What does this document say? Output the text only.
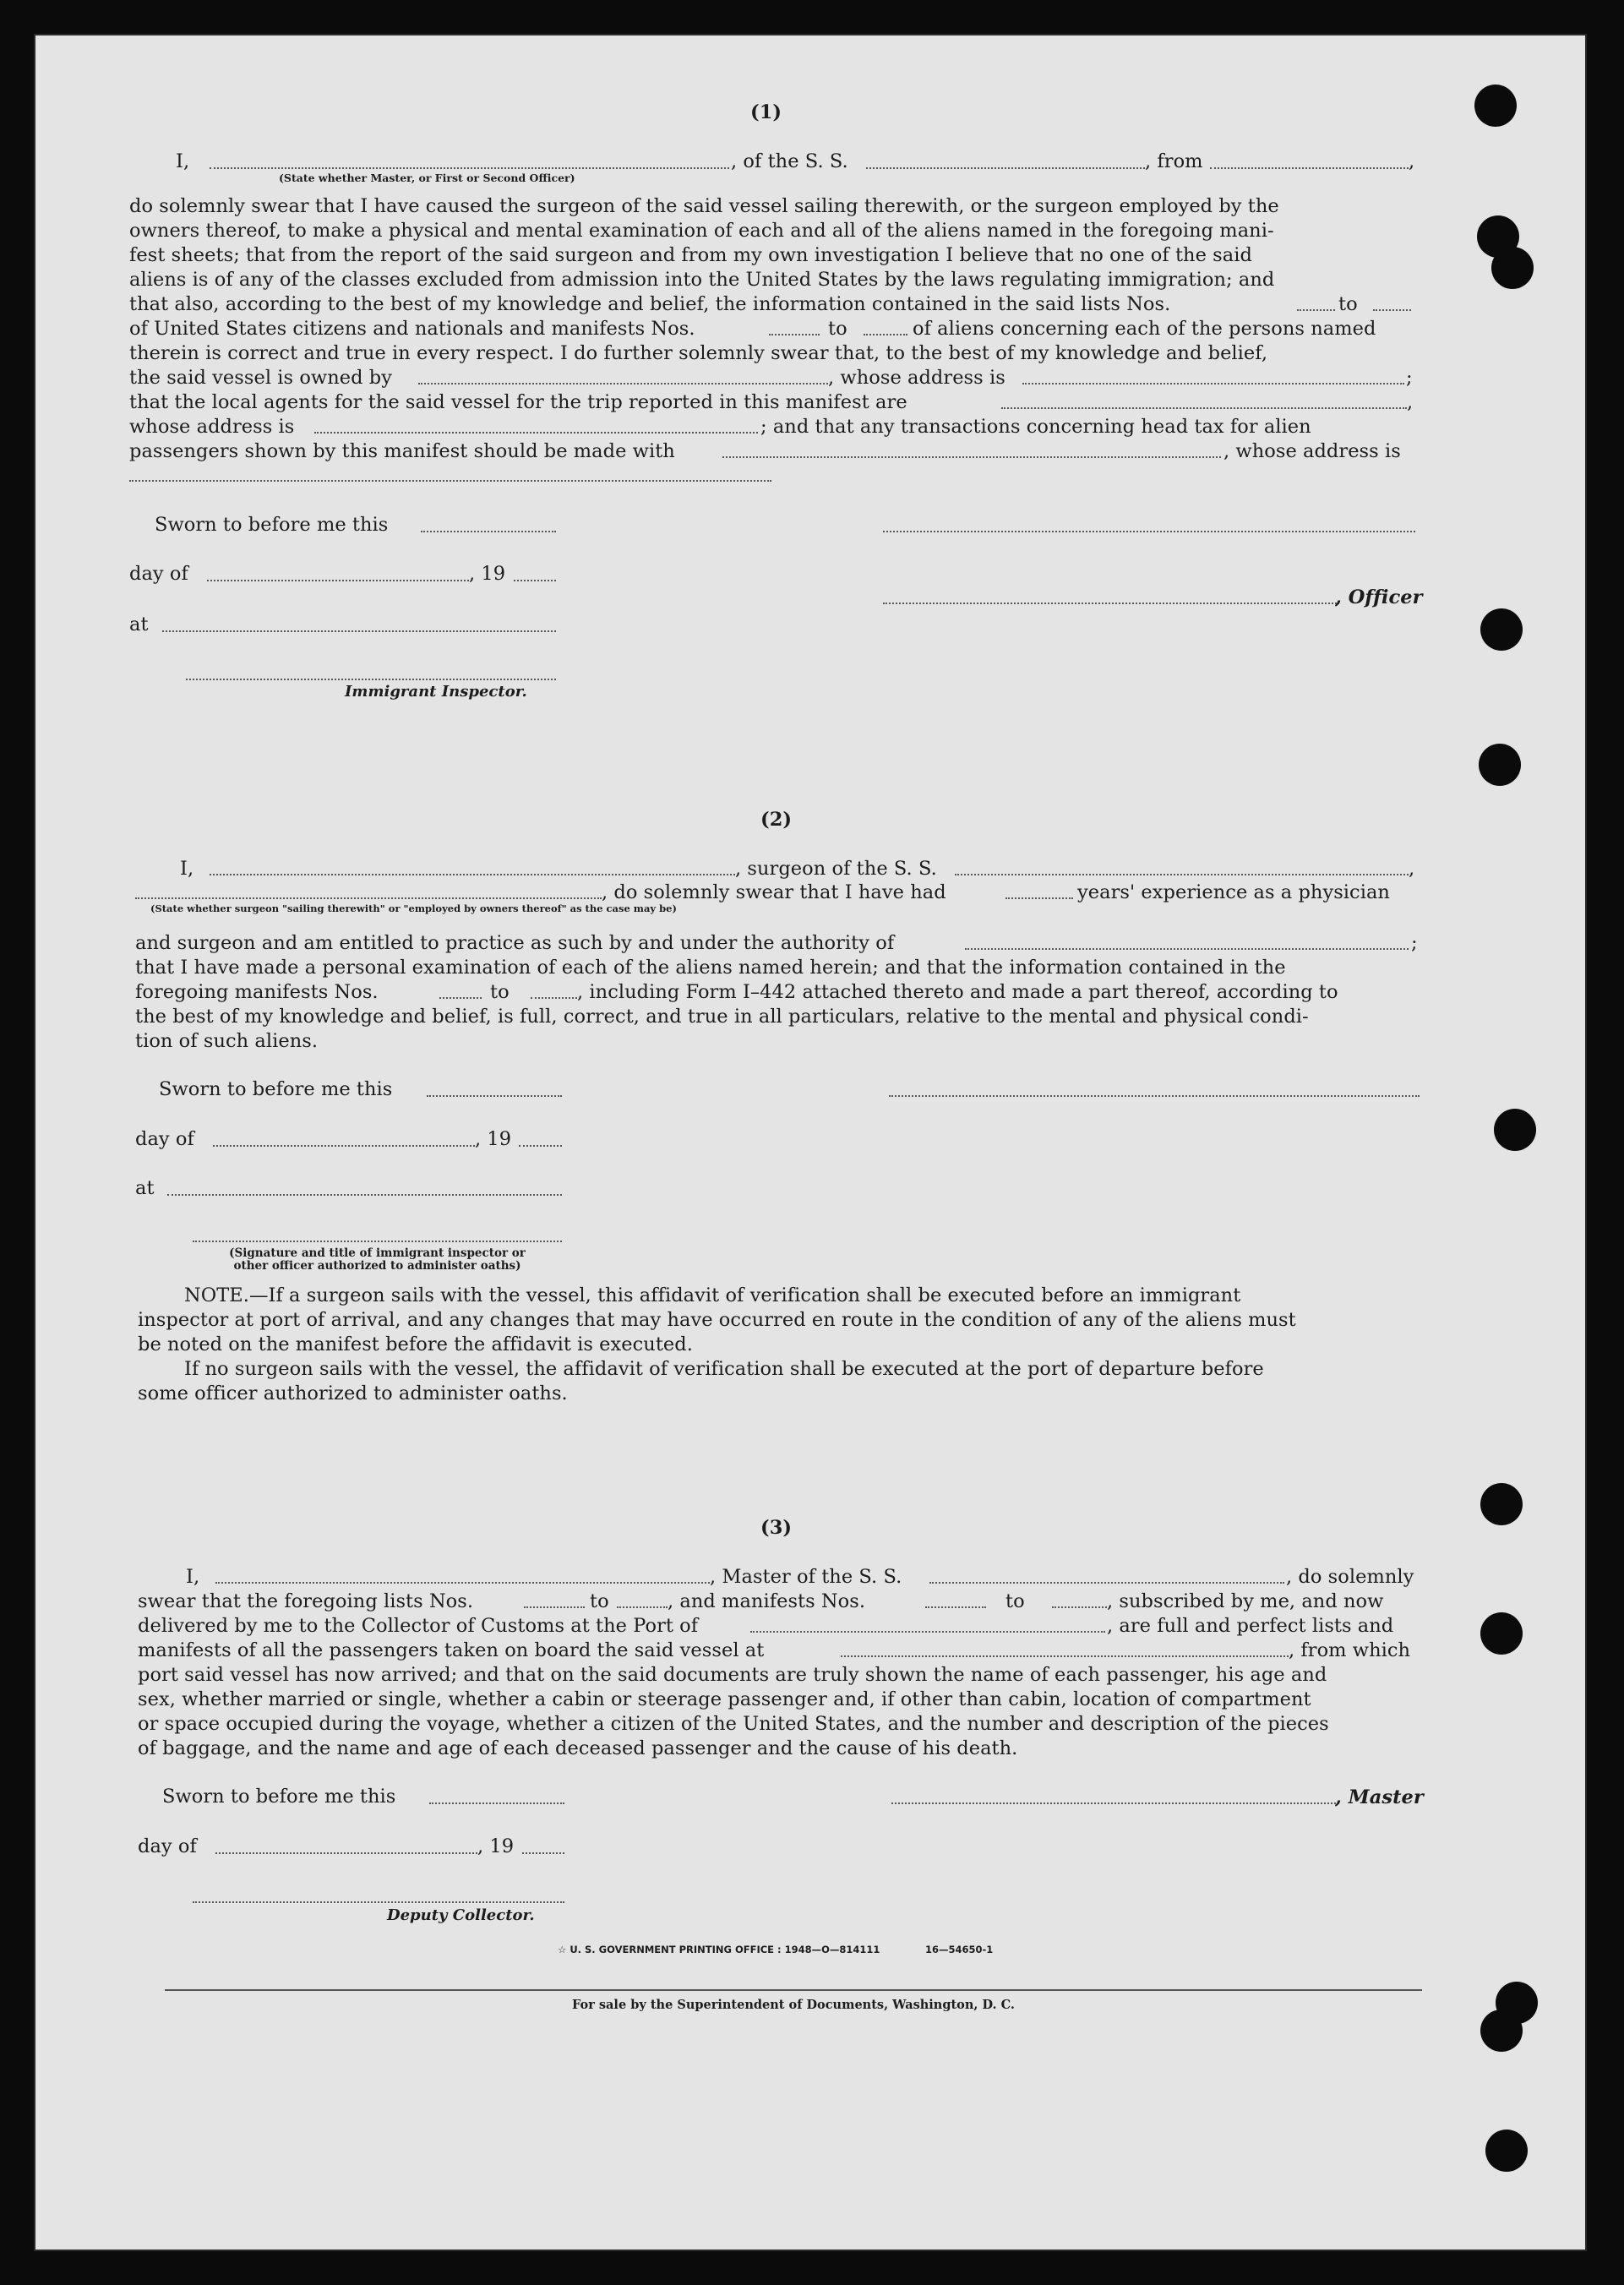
(1)
I,	, of the S. S.	, from	,
(State whether Master, or First or Second Officer)
do solemnly swear that I have caused the surgeon of the said vessel sailing therewith, or the surgeon employed by the
owners thereof, to make a physical and mental examination of each and all of the aliens named in the foregoing mani-
fest sheets; that from the report of the said surgeon and from my own investigation I believe that no one of the said
aliens is of any of the classes excluded from admission into the United States by the laws regulating immigration; and
that also, according to the best of my knowledge and belief, the information contained in the said lists Nos.	to
of United States citizens and nationals and manifests Nos.	to	of aliens concerning each of the persons named
therein is correct and true in every respect. I do further solemnly swear that, to the best of my knowledge and belief,
the said vessel is owned by	, whose address is	;
that the local agents for the said vessel for the trip reported in this manifest are	,
whose address is	; and that any transactions concerning head tax for alien
passengers shown by this manifest should be made with	, whose address is
Sworn to before me this
day of	, 19
, Officer
at
Immigrant Inspector.
(2)
I,	, surgeon of the S. S.	,
, do solemnly swear that I have had	years' experience as a physician
(State whether surgeon "sailing therewith" or "employed by owners thereof" as the case may be)
and surgeon and am entitled to practice as such by and under the authority of	;
that I have made a personal examination of each of the aliens named herein; and that the information contained in the
foregoing manifests Nos.	to	, including Form I–442 attached thereto and made a part thereof, according to
the best of my knowledge and belief, is full, correct, and true in all particulars, relative to the mental and physical condi-
tion of such aliens.
Sworn to before me this
day of	, 19
at
(Signature and title of immigrant inspector or
other officer authorized to administer oaths)
NOTE.—If a surgeon sails with the vessel, this affidavit of verification shall be executed before an immigrant
inspector at port of arrival, and any changes that may have occurred en route in the condition of any of the aliens must
be noted on the manifest before the affidavit is executed.
If no surgeon sails with the vessel, the affidavit of verification shall be executed at the port of departure before
some officer authorized to administer oaths.
(3)
I,	, Master of the S. S.	, do solemnly
swear that the foregoing lists Nos.	to	, and manifests Nos.	to	, subscribed by me, and now
delivered by me to the Collector of Customs at the Port of	, are full and perfect lists and
manifests of all the passengers taken on board the said vessel at	, from which
port said vessel has now arrived; and that on the said documents are truly shown the name of each passenger, his age and
sex, whether married or single, whether a cabin or steerage passenger and, if other than cabin, location of compartment
or space occupied during the voyage, whether a citizen of the United States, and the number and description of the pieces
of baggage, and the name and age of each deceased passenger and the cause of his death.
Sworn to before me this	, Master
day of	, 19
Deputy Collector.
☆ U. S. GOVERNMENT PRINTING OFFICE : 1948—O—814111	16—54650-1
For sale by the Superintendent of Documents, Washington, D. C.
